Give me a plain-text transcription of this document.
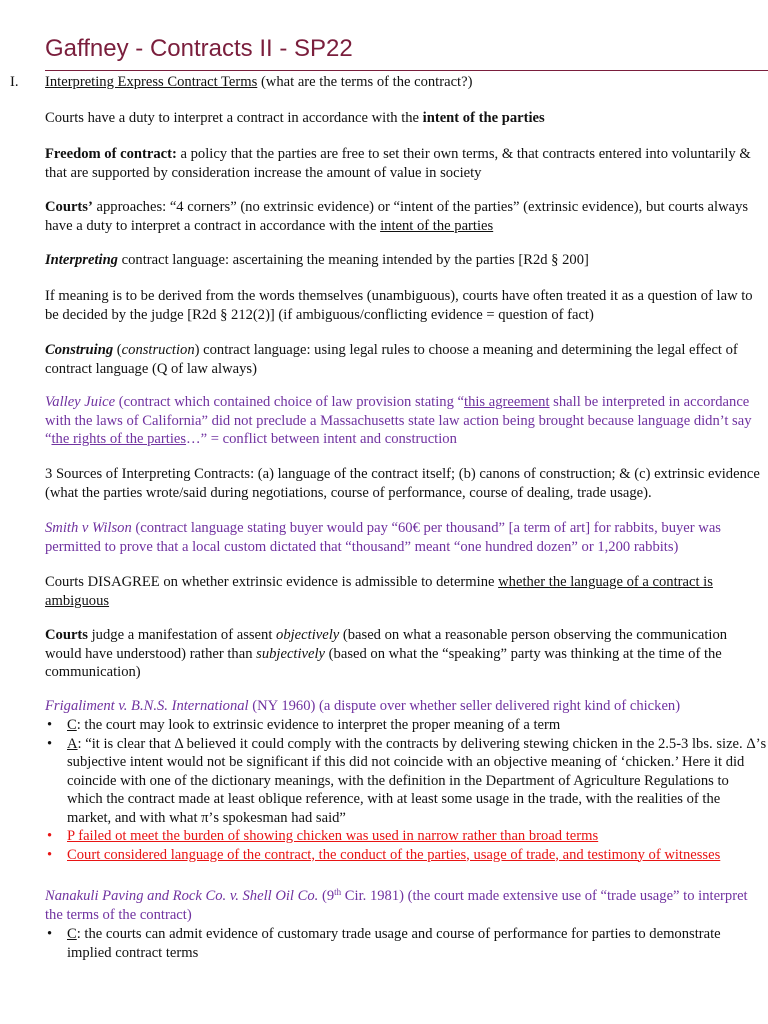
Gaffney - Contracts II - SP22
I. Interpreting Express Contract Terms (what are the terms of the contract?)

Courts have a duty to interpret a contract in accordance with the intent of the parties

Freedom of contract: a policy that the parties are free to set their own terms, & that contracts entered into voluntarily & that are supported by consideration increase the amount of value in society

Courts’ approaches: “4 corners” (no extrinsic evidence) or “intent of the parties” (extrinsic evidence), but courts always have a duty to interpret a contract in accordance with the intent of the parties

Interpreting contract language: ascertaining the meaning intended by the parties [R2d § 200]

If meaning is to be derived from the words themselves (unambiguous), courts have often treated it as a question of law to be decided by the judge [R2d § 212(2)] (if ambiguous/conflicting evidence = question of fact)

Construing (construction) contract language: using legal rules to choose a meaning and determining the legal effect of contract language (Q of law always)

Valley Juice (contract which contained choice of law provision stating “this agreement shall be interpreted in accordance with the laws of California” did not preclude a Massachusetts state law action being brought because language didn’t say “the rights of the parties…” = conflict between intent and construction

3 Sources of Interpreting Contracts: (a) language of the contract itself; (b) canons of construction; & (c) extrinsic evidence (what the parties wrote/said during negotiations, course of performance, course of dealing, trade usage).

Smith v Wilson (contract language stating buyer would pay “60€ per thousand” [a term of art] for rabbits, buyer was permitted to prove that a local custom dictated that “thousand” meant “one hundred dozen” or 1,200 rabbits)

Courts DISAGREE on whether extrinsic evidence is admissible to determine whether the language of a contract is ambiguous

Courts judge a manifestation of assent objectively (based on what a reasonable person observing the communication would have understood) rather than subjectively (based on what the “speaking” party was thinking at the time of the communication)

Frigaliment v. B.N.S. International (NY 1960) (a dispute over whether seller delivered right kind of chicken)

• C: the court may look to extrinsic evidence to interpret the proper meaning of a term
• A: “it is clear that Δ believed it could comply with the contracts by delivering stewing chicken in the 2.5-3 lbs. size. Δ’s subjective intent would not be significant if this did not coincide with an objective meaning of ‘chicken.’ Here it did coincide with one of the dictionary meanings, with the definition in the Department of Agriculture Regulations to which the contract made at least oblique reference, with at least some usage in the trade, with the realities of the market, and with what π’s spokesman had said”
• P failed ot meet the burden of showing chicken was used in narrow rather than broad terms
• Court considered language of the contract, the conduct of the parties, usage of trade, and testimony of witnesses

Nanakuli Paving and Rock Co. v. Shell Oil Co. (9th Cir. 1981) (the court made extensive use of “trade usage” to interpret the terms of the contract)

• C: the courts can admit evidence of customary trade usage and course of performance for parties to demonstrate implied contract terms
